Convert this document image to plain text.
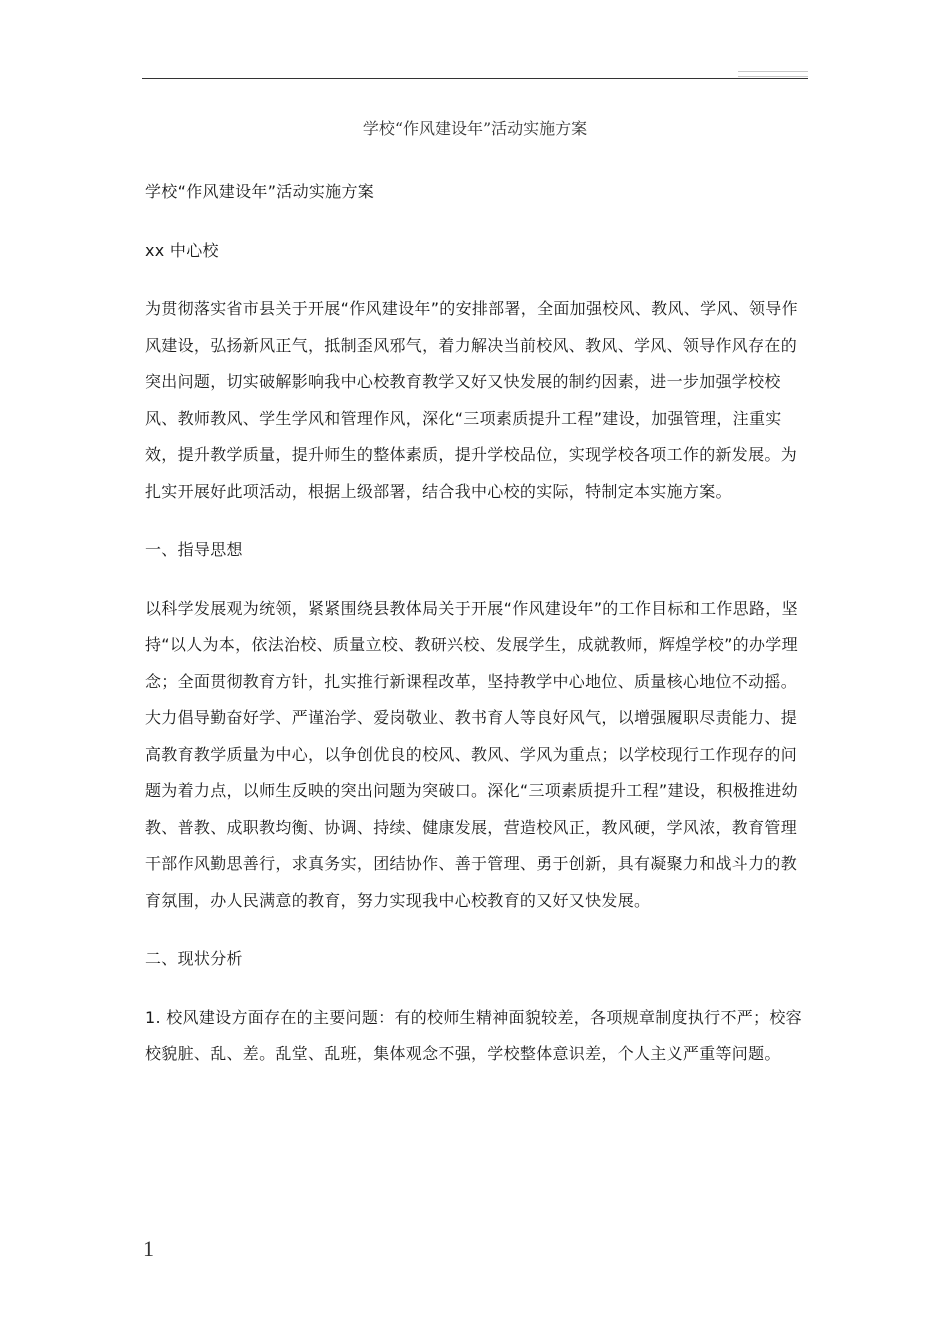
学校“作风建设年”活动实施方案

学校“作风建设年”活动实施方案

xx 中心校

为贯彻落实省市县关于开展“作风建设年”的安排部署，全面加强校风、教风、学风、领导作风建设，弘扬新风正气，抵制歪风邪气，着力解决当前校风、教风、学风、领导作风存在的突出问题，切实破解影响我中心校教育教学又好又快发展的制约因素，进一步加强学校校风、教师教风、学生学风和管理作风，深化“三项素质提升工程”建设，加强管理，注重实效，提升教学质量，提升师生的整体素质，提升学校品位，实现学校各项工作的新发展。为扎实开展好此项活动，根据上级部署，结合我中心校的实际，特制定本实施方案。

一、指导思想

以科学发展观为统领，紧紧围绕县教体局关于开展“作风建设年”的工作目标和工作思路，坚持“以人为本，依法治校、质量立校、教研兴校、发展学生，成就教师，辉煌学校”的办学理念；全面贯彻教育方针，扎实推行新课程改革，坚持教学中心地位、质量核心地位不动摇。大力倡导勤奋好学、严谨治学、爱岗敬业、教书育人等良好风气，以增强履职尽责能力、提高教育教学质量为中心，以争创优良的校风、教风、学风为重点；以学校现行工作现存的问题为着力点，以师生反映的突出问题为突破口。深化“三项素质提升工程”建设，积极推进幼教、普教、成职教均衡、协调、持续、健康发展，营造校风正，教风硬，学风浓，教育管理干部作风勤思善行，求真务实，团结协作、善于管理、勇于创新，具有凝聚力和战斗力的教育氛围，办人民满意的教育，努力实现我中心校教育的又好又快发展。

二、现状分析

1. 校风建设方面存在的主要问题：有的校师生精神面貌较差，各项规章制度执行不严；校容校貌脏、乱、差。乱堂、乱班，集体观念不强，学校整体意识差，个人主义严重等问题。

1
